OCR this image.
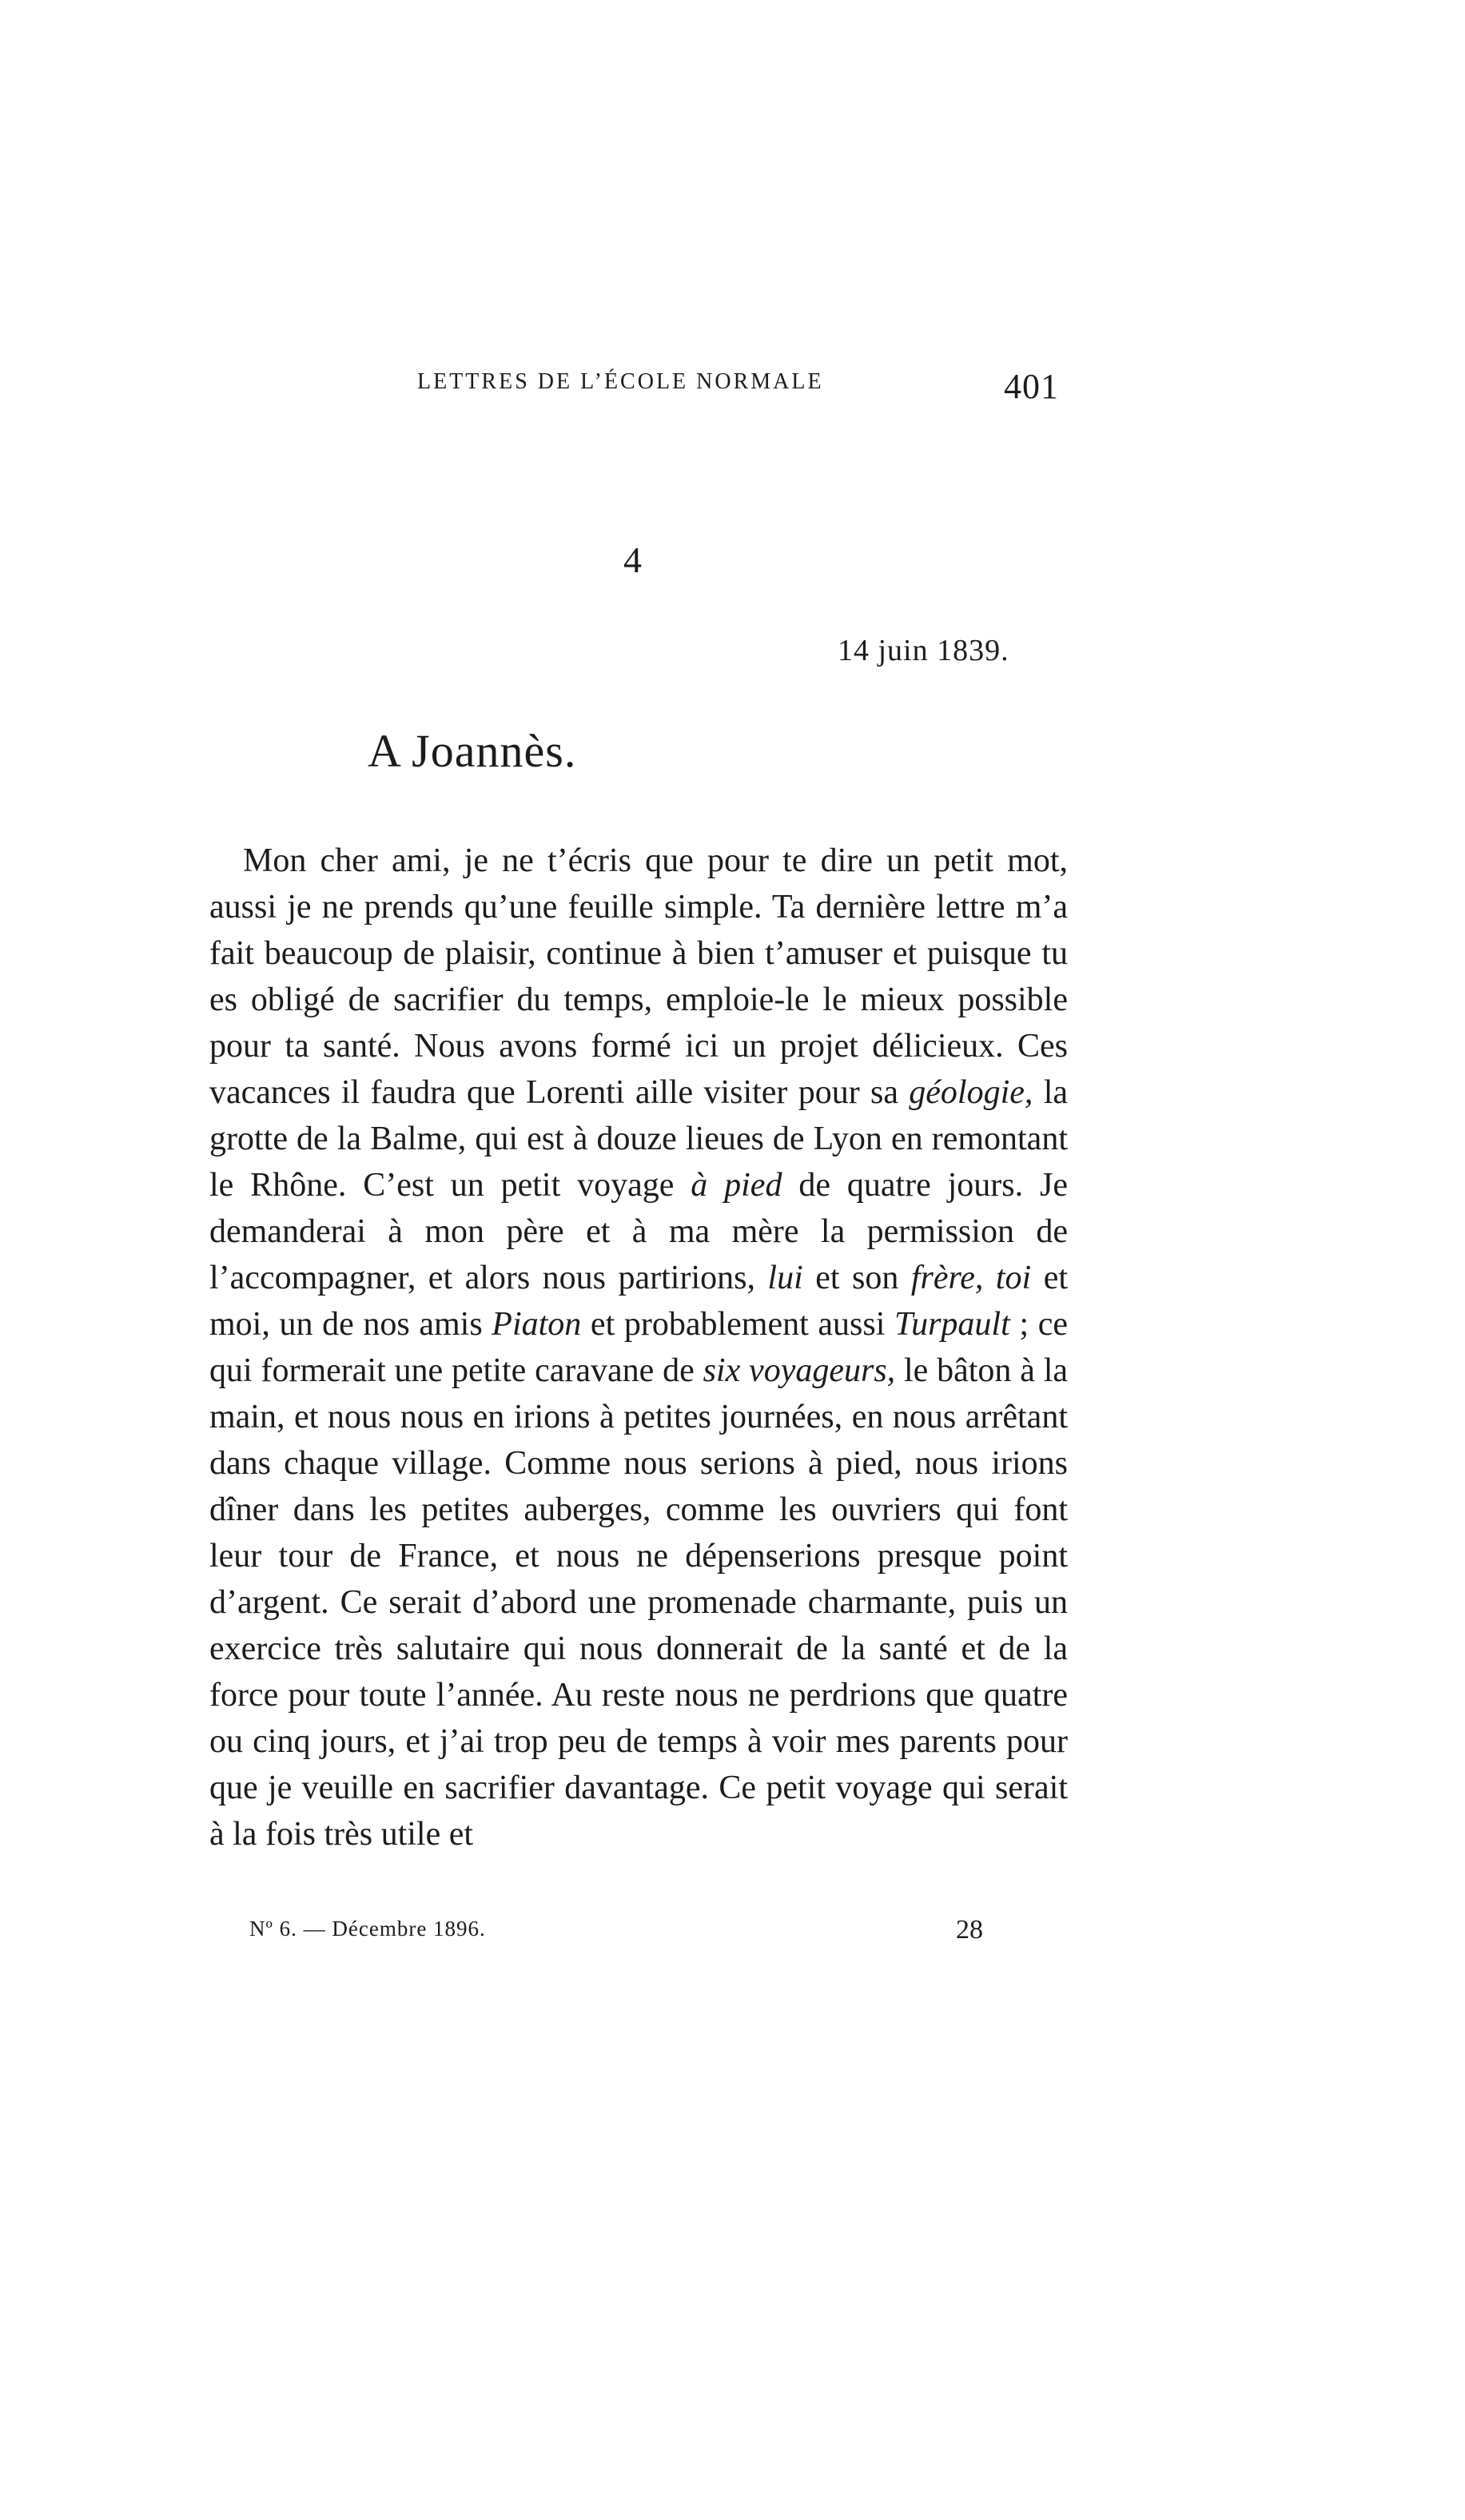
LETTRES DE L’ÉCOLE NORMALE	401
4
14 juin 1839.
A Joannès.

Mon cher ami, je ne t’écris que pour te dire un petit mot, aussi je ne prends qu’une feuille simple. Ta dernière lettre m’a fait beaucoup de plaisir, continue à bien t’amuser et puisque tu es obligé de sacrifier du temps, emploie-le le mieux possible pour ta santé. Nous avons formé ici un projet délicieux. Ces vacances il faudra que Lorenti aille visiter pour sa géologie, la grotte de la Balme, qui est à douze lieues de Lyon en remontant le Rhône. C’est un petit voyage à pied de quatre jours. Je demanderai à mon père et à ma mère la permission de l’accompagner, et alors nous partirions, lui et son frère, toi et moi, un de nos amis Piaton et probablement aussi Turpault ; ce qui formerait une petite caravane de six voyageurs, le bâton à la main, et nous nous en irions à petites journées, en nous arrêtant dans chaque village. Comme nous serions à pied, nous irions dîner dans les petites auberges, comme les ouvriers qui font leur tour de France, et nous ne dépenserions presque point d’argent. Ce serait d’abord une promenade charmante, puis un exercice très salutaire qui nous donnerait de la santé et de la force pour toute l’année. Au reste nous ne perdrions que quatre ou cinq jours, et j’ai trop peu de temps à voir mes parents pour que je veuille en sacrifier davantage. Ce petit voyage qui serait à la fois très utile et

Nº 6. — Décembre 1896.	28
